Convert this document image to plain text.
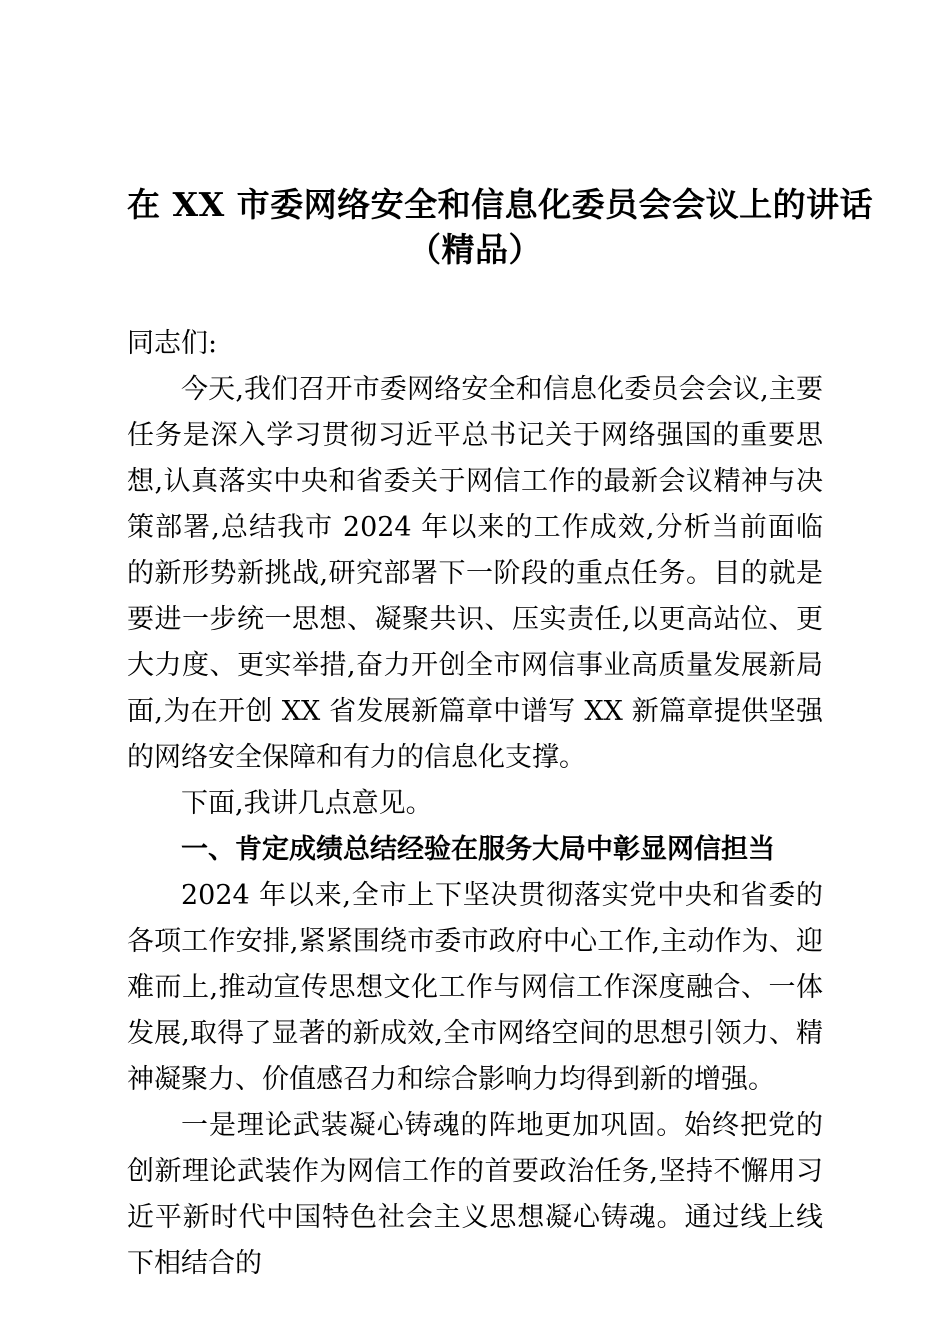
在 XX 市委网络安全和信息化委员会会议上的讲话
（精品）

同志们:

今天,我们召开市委网络安全和信息化委员会会议,主要任务是深入学习贯彻习近平总书记关于网络强国的重要思想,认真落实中央和省委关于网信工作的最新会议精神与决策部署,总结我市 2024 年以来的工作成效,分析当前面临的新形势新挑战,研究部署下一阶段的重点任务。目的就是要进一步统一思想、凝聚共识、压实责任,以更高站位、更大力度、更实举措,奋力开创全市网信事业高质量发展新局面,为在开创 XX 省发展新篇章中谱写 XX 新篇章提供坚强的网络安全保障和有力的信息化支撑。

下面,我讲几点意见。

一、肯定成绩总结经验在服务大局中彰显网信担当

2024 年以来,全市上下坚决贯彻落实党中央和省委的各项工作安排,紧紧围绕市委市政府中心工作,主动作为、迎难而上,推动宣传思想文化工作与网信工作深度融合、一体发展,取得了显著的新成效,全市网络空间的思想引领力、精神凝聚力、价值感召力和综合影响力均得到新的增强。

一是理论武装凝心铸魂的阵地更加巩固。始终把党的创新理论武装作为网信工作的首要政治任务,坚持不懈用习近平新时代中国特色社会主义思想凝心铸魂。通过线上线下相结合的
